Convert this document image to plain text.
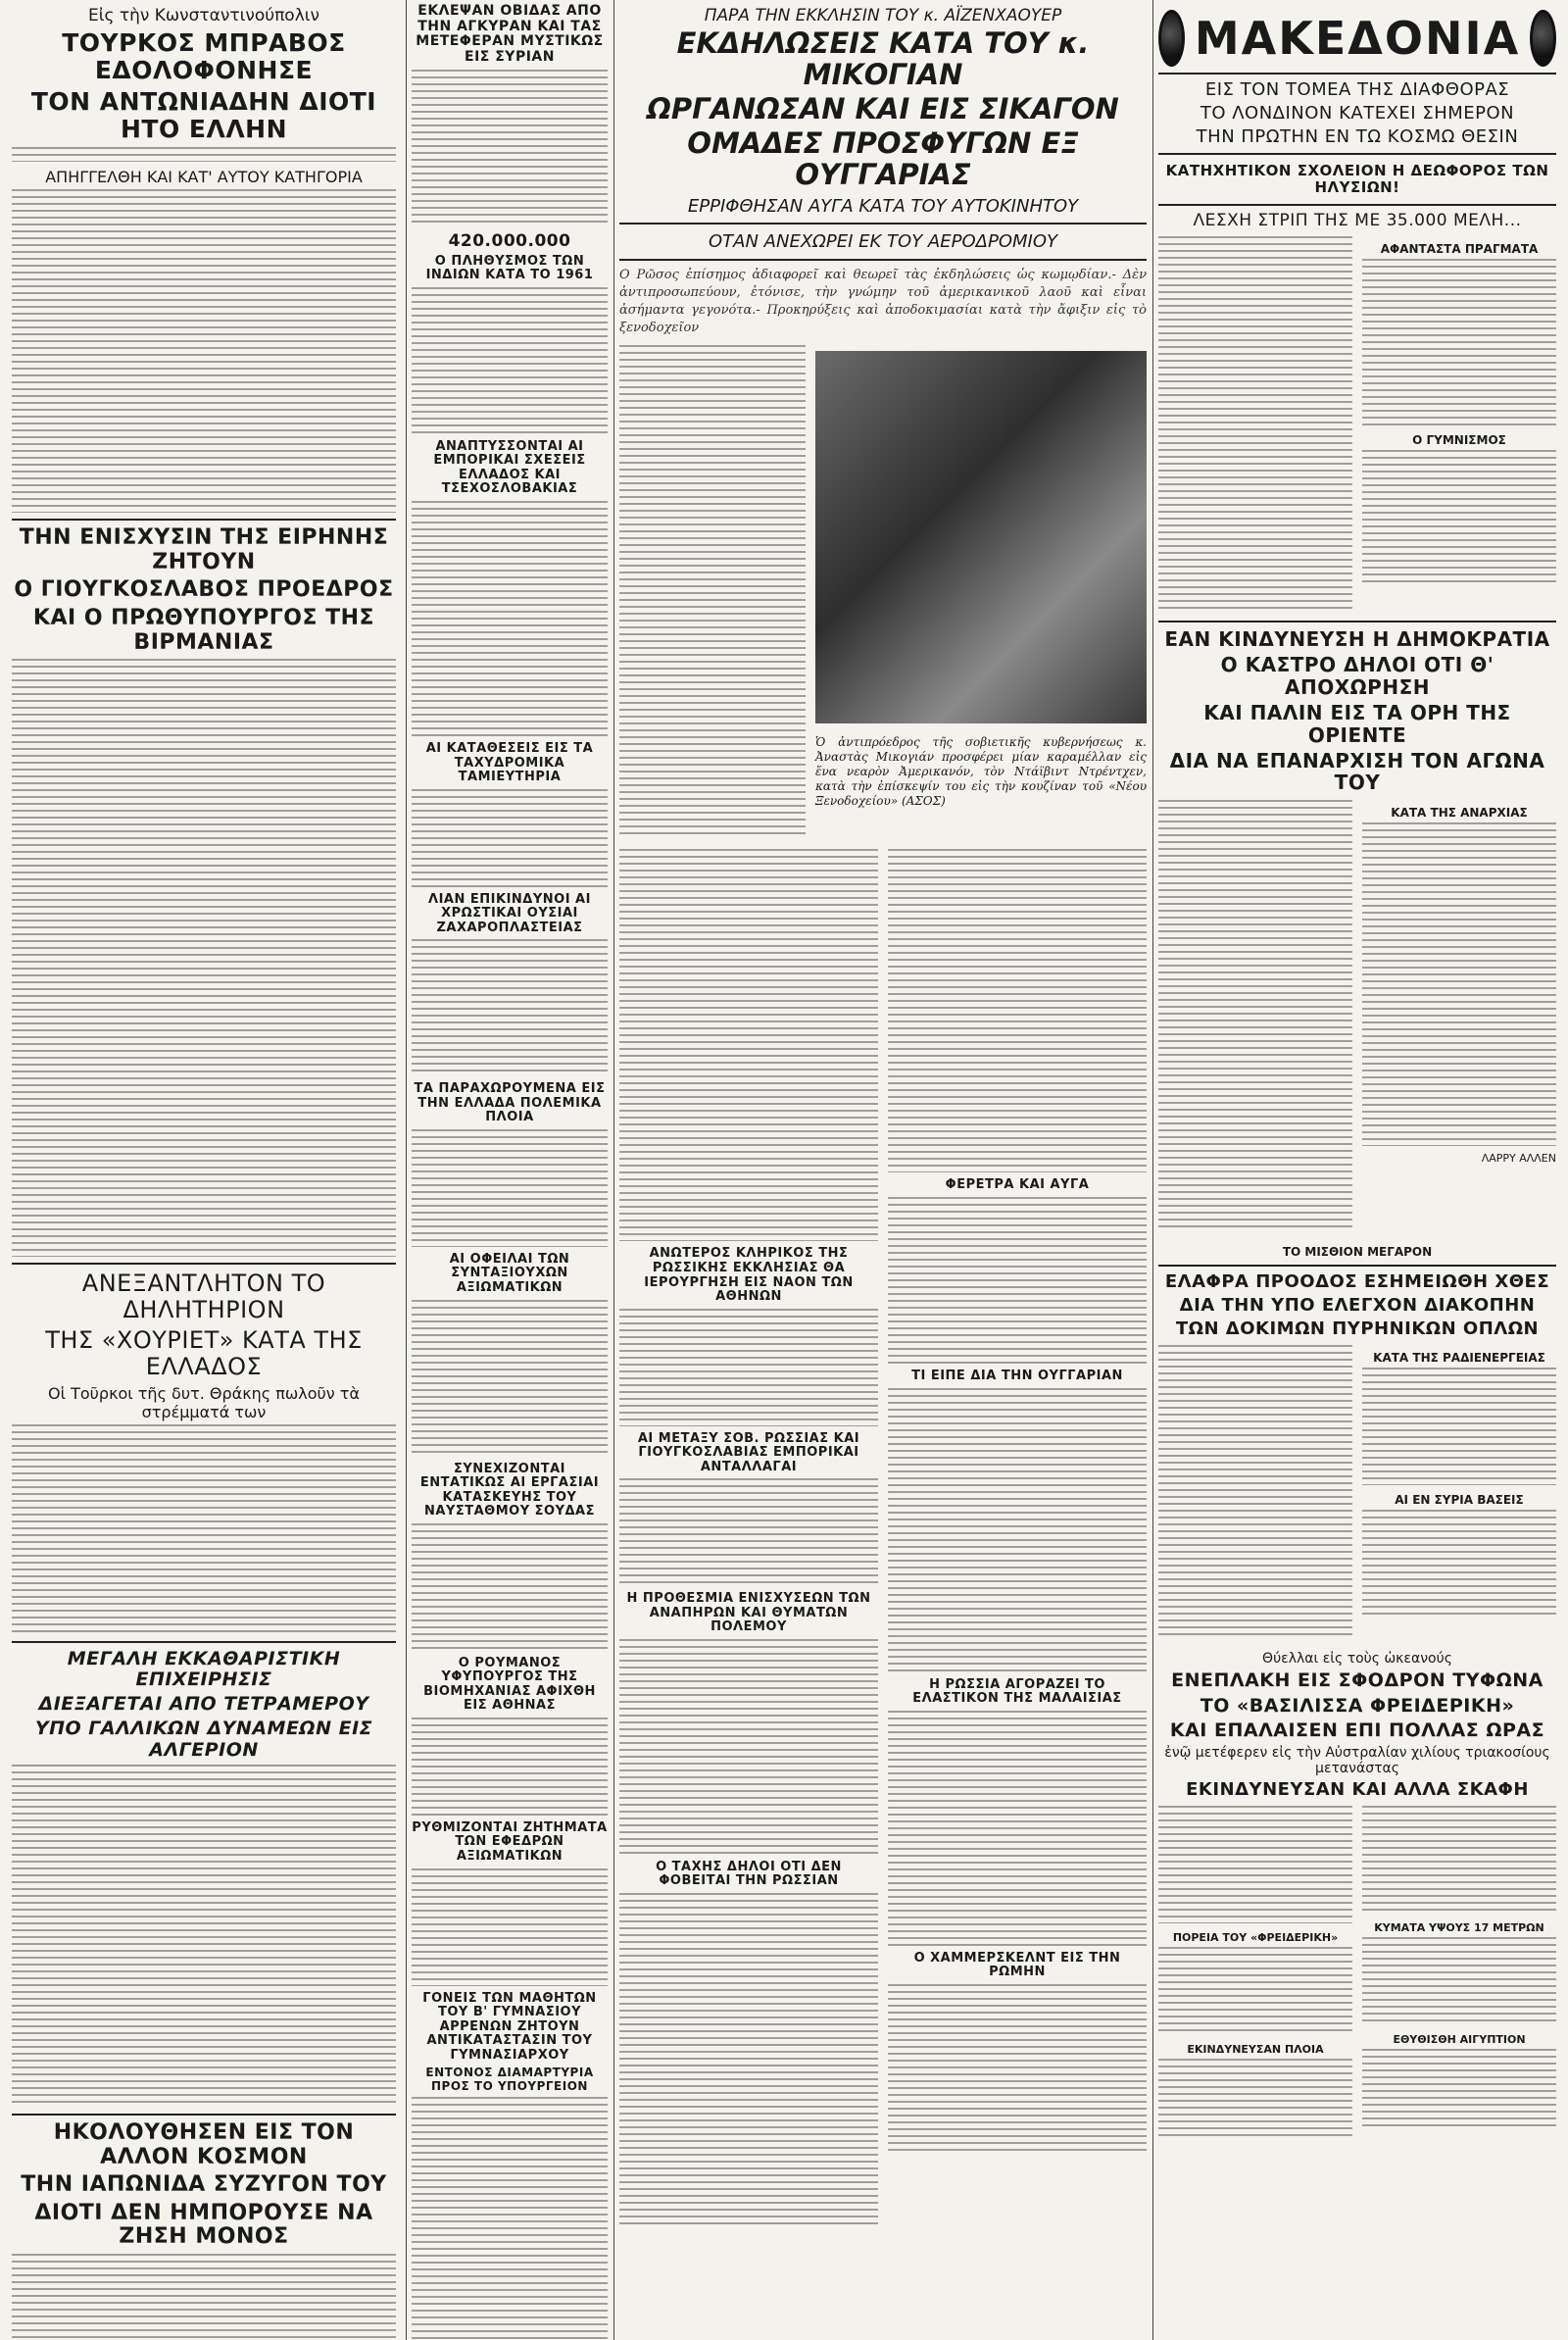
Εἰς τὴν Κωνσταντινούπολιν
ΤΟΥΡΚΟΣ ΜΠΡΑΒΟΣ ΕΔΟΛΟΦΟΝΗΣΕ
ΤΟΝ ΑΝΤΩΝΙΑΔΗΝ ΔΙΟΤΙ ΗΤΟ ΕΛΛΗΝ

ΑΠΗΓΓΕΛΘΗ ΚΑΙ ΚΑΤ' ΑΥΤΟΥ ΚΑΤΗΓΟΡΙΑ

ΤΗΝ ΕΝΙΣΧΥΣΙΝ ΤΗΣ ΕΙΡΗΝΗΣ ΖΗΤΟΥΝ
Ο ΓΙΟΥΓΚΟΣΛΑΒΟΣ ΠΡΟΕΔΡΟΣ
ΚΑΙ Ο ΠΡΩΘΥΠΟΥΡΓΟΣ ΤΗΣ ΒΙΡΜΑΝΙΑΣ

ΑΝΕΞΑΝΤΛΗΤΟΝ ΤΟ ΔΗΛΗΤΗΡΙΟΝ
ΤΗΣ «ΧΟΥΡΙΕΤ» ΚΑΤΑ ΤΗΣ ΕΛΛΑΔΟΣ
Οἱ Τοῦρκοι τῆς δυτ. Θράκης πωλοῦν τὰ στρέμματά των

ΜΕΓΑΛΗ ΕΚΚΑΘΑΡΙΣΤΙΚΗ ΕΠΙΧΕΙΡΗΣΙΣ
ΔΙΕΞΑΓΕΤΑΙ ΑΠΟ ΤΕΤΡΑΜΕΡΟΥ
ΥΠΟ ΓΑΛΛΙΚΩΝ ΔΥΝΑΜΕΩΝ ΕΙΣ ΑΛΓΕΡΙΟΝ

ΗΚΟΛΟΥΘΗΣΕΝ ΕΙΣ ΤΟΝ ΑΛΛΟΝ ΚΟΣΜΟΝ
ΤΗΝ ΙΑΠΩΝΙΔΑ ΣΥΖΥΓΟΝ ΤΟΥ
ΔΙΟΤΙ ΔΕΝ ΗΜΠΟΡΟΥΣΕ ΝΑ ΖΗΣΗ ΜΟΝΟΣ

ΕΚΛΕΨΑΝ ΟΒΙΔΑΣ ΑΠΟ ΤΗΝ ΑΓΚΥΡΑΝ ΚΑΙ ΤΑΣ ΜΕΤΕΦΕΡΑΝ ΜΥΣΤΙΚΩΣ ΕΙΣ ΣΥΡΙΑΝ

420.000.000
Ο ΠΛΗΘΥΣΜΟΣ ΤΩΝ ΙΝΔΙΩΝ ΚΑΤΑ ΤΟ 1961

ΑΝΑΠΤΥΣΣΟΝΤΑΙ ΑΙ ΕΜΠΟΡΙΚΑΙ ΣΧΕΣΕΙΣ ΕΛΛΑΔΟΣ ΚΑΙ ΤΣΕΧΟΣΛΟΒΑΚΙΑΣ

ΑΙ ΚΑΤΑΘΕΣΕΙΣ ΕΙΣ ΤΑ ΤΑΧΥΔΡΟΜΙΚΑ ΤΑΜΙΕΥΤΗΡΙΑ

ΛΙΑΝ ΕΠΙΚΙΝΔΥΝΟΙ ΑΙ ΧΡΩΣΤΙΚΑΙ ΟΥΣΙΑΙ ΖΑΧΑΡΟΠΛΑΣΤΕΙΑΣ

ΤΑ ΠΑΡΑΧΩΡΟΥΜΕΝΑ ΕΙΣ ΤΗΝ ΕΛΛΑΔΑ ΠΟΛΕΜΙΚΑ ΠΛΟΙΑ

ΑΙ ΟΦΕΙΛΑΙ ΤΩΝ ΣΥΝΤΑΞΙΟΥΧΩΝ ΑΞΙΩΜΑΤΙΚΩΝ

ΣΥΝΕΧΙΖΟΝΤΑΙ ΕΝΤΑΤΙΚΩΣ ΑΙ ΕΡΓΑΣΙΑΙ ΚΑΤΑΣΚΕΥΗΣ ΤΟΥ ΝΑΥΣΤΑΘΜΟΥ ΣΟΥΔΑΣ

Ο ΡΟΥΜΑΝΟΣ ΥΦΥΠΟΥΡΓΟΣ ΤΗΣ ΒΙΟΜΗΧΑΝΙΑΣ ΑΦΙΧΘΗ ΕΙΣ ΑΘΗΝΑΣ

ΡΥΘΜΙΖΟΝΤΑΙ ΖΗΤΗΜΑΤΑ ΤΩΝ ΕΦΕΔΡΩΝ ΑΞΙΩΜΑΤΙΚΩΝ

ΓΟΝΕΙΣ ΤΩΝ ΜΑΘΗΤΩΝ ΤΟΥ Β' ΓΥΜΝΑΣΙΟΥ ΑΡΡΕΝΩΝ ΖΗΤΟΥΝ ΑΝΤΙΚΑΤΑΣΤΑΣΙΝ ΤΟΥ ΓΥΜΝΑΣΙΑΡΧΟΥ
ΕΝΤΟΝΟΣ ΔΙΑΜΑΡΤΥΡΙΑ ΠΡΟΣ ΤΟ ΥΠΟΥΡΓΕΙΟΝ

ΠΑΡΑ ΤΗΝ ΕΚΚΛΗΣΙΝ ΤΟΥ κ. ΑΪΖΕΝΧΑΟΥΕΡ
ΕΚΔΗΛΩΣΕΙΣ ΚΑΤΑ ΤΟΥ κ. ΜΙΚΟΓΙΑΝ
ΩΡΓΑΝΩΣΑΝ ΚΑΙ ΕΙΣ ΣΙΚΑΓΟΝ
ΟΜΑΔΕΣ ΠΡΟΣΦΥΓΩΝ ΕΞ ΟΥΓΓΑΡΙΑΣ
ΕΡΡΙΦΘΗΣΑΝ ΑΥΓΑ ΚΑΤΑ ΤΟΥ ΑΥΤΟΚΙΝΗΤΟΥ
ΟΤΑΝ ΑΝΕΧΩΡΕΙ ΕΚ ΤΟΥ ΑΕΡΟΔΡΟΜΙΟΥ

Ο Ρῶσος ἐπίσημος ἀδιαφορεῖ καὶ θεωρεῖ τὰς ἐκδηλώσεις ὡς κωμῳδίαν.- Δὲν ἀντιπροσωπεύουν, ἐτόνισε, τὴν γνώμην τοῦ ἀμερικανικοῦ λαοῦ καὶ εἶναι ἀσήμαντα γεγονότα.- Προκηρύξεις καὶ ἀποδοκιμασίαι κατὰ τὴν ἄφιξιν εἰς τὸ ξενοδοχεῖον

Ὁ ἀντιπρόεδρος τῆς σοβιετικῆς κυβερνήσεως κ. Ἀναστὰς Μικογιάν προσφέρει μίαν καραμέλλαν εἰς ἕνα νεαρὸν Ἀμερικανόν, τὸν Ντάϊβιντ Ντρέντχεν, κατὰ τὴν ἐπίσκεψίν του εἰς τὴν κουζίναν τοῦ «Νέου Ξενοδοχείου» (ΑΣΟΣ)

ΑΝΩΤΕΡΟΣ ΚΛΗΡΙΚΟΣ ΤΗΣ ΡΩΣΣΙΚΗΣ ΕΚΚΛΗΣΙΑΣ ΘΑ ΙΕΡΟΥΡΓΗΣΗ ΕΙΣ ΝΑΟΝ ΤΩΝ ΑΘΗΝΩΝ

ΑΙ ΜΕΤΑΞΥ ΣΟΒ. ΡΩΣΣΙΑΣ ΚΑΙ ΓΙΟΥΓΚΟΣΛΑΒΙΑΣ ΕΜΠΟΡΙΚΑΙ ΑΝΤΑΛΛΑΓΑΙ

Η ΠΡΟΘΕΣΜΙΑ ΕΝΙΣΧΥΣΕΩΝ ΤΩΝ ΑΝΑΠΗΡΩΝ ΚΑΙ ΘΥΜΑΤΩΝ ΠΟΛΕΜΟΥ

Ο ΤΑΧΗΣ ΔΗΛΟΙ ΟΤΙ ΔΕΝ ΦΟΒΕΙΤΑΙ ΤΗΝ ΡΩΣΣΙΑΝ

ΦΕΡΕΤΡΑ ΚΑΙ ΑΥΓΑ

ΤΙ ΕΙΠΕ ΔΙΑ ΤΗΝ ΟΥΓΓΑΡΙΑΝ

Η ΡΩΣΣΙΑ ΑΓΟΡΑΖΕΙ ΤΟ ΕΛΑΣΤΙΚΟΝ ΤΗΣ ΜΑΛΑΙΣΙΑΣ

Ο ΧΑΜΜΕΡΣΚΕΛΝΤ ΕΙΣ ΤΗΝ ΡΩΜΗΝ

ΜΑΚΕΔΟΝΙΑ
ΕΙΣ ΤΟΝ ΤΟΜΕΑ ΤΗΣ ΔΙΑΦΘΟΡΑΣ
ΤΟ ΛΟΝΔΙΝΟΝ ΚΑΤΕΧΕΙ ΣΗΜΕΡΟΝ
ΤΗΝ ΠΡΩΤΗΝ ΕΝ ΤΩ ΚΟΣΜΩ ΘΕΣΙΝ
ΚΑΤΗΧΗΤΙΚΟΝ ΣΧΟΛΕΙΟΝ Η ΔΕΩΦΟΡΟΣ ΤΩΝ ΗΛΥΣΙΩΝ!
ΛΕΣΧΗ ΣΤΡΙΠ ΤΗΣ ΜΕ 35.000 ΜΕΛΗ...

ΑΦΑΝΤΑΣΤΑ ΠΡΑΓΜΑΤΑ

Ο ΓΥΜΝΙΣΜΟΣ

ΕΑΝ ΚΙΝΔΥΝΕΥΣΗ Η ΔΗΜΟΚΡΑΤΙΑ
Ο ΚΑΣΤΡΟ ΔΗΛΟΙ ΟΤΙ Θ' ΑΠΟΧΩΡΗΣΗ
ΚΑΙ ΠΑΛΙΝ ΕΙΣ ΤΑ ΟΡΗ ΤΗΣ ΟΡΙΕΝΤΕ
ΔΙΑ ΝΑ ΕΠΑΝΑΡΧΙΣΗ ΤΟΝ ΑΓΩΝΑ ΤΟΥ

ΚΑΤΑ ΤΗΣ ΑΝΑΡΧΙΑΣ

ΛΑΡΡΥ ΑΛΛΕΝ
ΤΟ ΜΙΣΘΙΟΝ ΜΕΓΑΡΟΝ
ΕΛΑΦΡΑ ΠΡΟΟΔΟΣ ΕΣΗΜΕΙΩΘΗ ΧΘΕΣ
ΔΙΑ ΤΗΝ ΥΠΟ ΕΛΕΓΧΟΝ ΔΙΑΚΟΠΗΝ
ΤΩΝ ΔΟΚΙΜΩΝ ΠΥΡΗΝΙΚΩΝ ΟΠΛΩΝ

ΚΑΤΑ ΤΗΣ ΡΑΔΙΕΝΕΡΓΕΙΑΣ

ΑΙ ΕΝ ΣΥΡΙΑ ΒΑΣΕΙΣ

Θύελλαι εἰς τοὺς ὠκεανούς
ΕΝΕΠΛΑΚΗ ΕΙΣ ΣΦΟΔΡΟΝ ΤΥΦΩΝΑ
ΤΟ «ΒΑΣΙΛΙΣΣΑ ΦΡΕΙΔΕΡΙΚΗ»
ΚΑΙ ΕΠΑΛΑΙΣΕΝ ΕΠΙ ΠΟΛΛΑΣ ΩΡΑΣ
ἐνῷ μετέφερεν εἰς τὴν Αὐστραλίαν χιλίους τριακοσίους μετανάστας
ΕΚΙΝΔΥΝΕΥΣΑΝ ΚΑΙ ΑΛΛΑ ΣΚΑΦΗ

ΠΟΡΕΙΑ ΤΟΥ «ΦΡΕΙΔΕΡΙΚΗ»

ΕΚΙΝΔΥΝΕΥΣΑΝ ΠΛΟΙΑ

ΚΥΜΑΤΑ ΥΨΟΥΣ 17 ΜΕΤΡΩΝ

ΕΘΥΘΙΣΘΗ ΑΙΓΥΠΤΙΟΝ
